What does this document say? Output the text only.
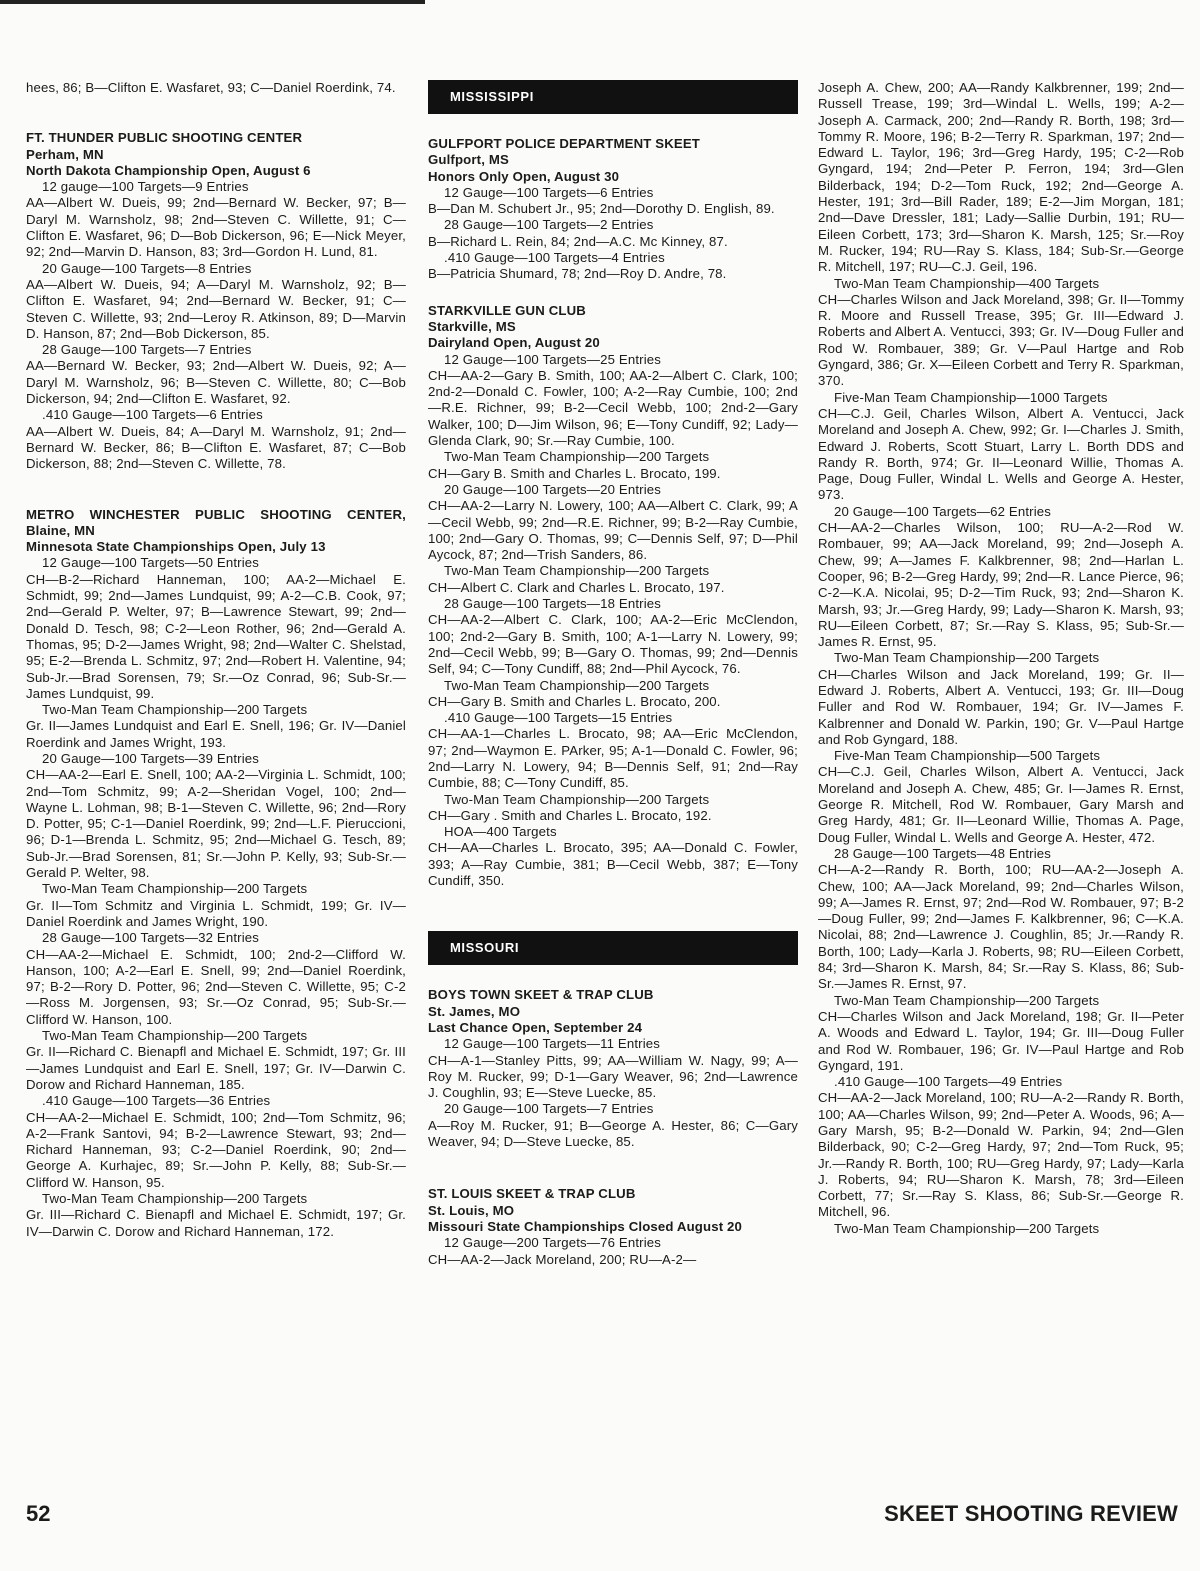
hees, 86; B—Clifton E. Wasfaret, 93; C—Daniel Roerdink, 74.

FT. THUNDER PUBLIC SHOOTING CENTER

Perham, MN

North Dakota Championship Open, August 6

12 gauge—100 Targets—9 Entries

AA—Albert W. Dueis, 99; 2nd—Bernard W. Becker, 97; B—Daryl M. Warnsholz, 98; 2nd—Steven C. Willette, 91; C—Clifton E. Wasfaret, 96; D—Bob Dickerson, 96; E—Nick Meyer, 92; 2nd—Marvin D. Hanson, 83; 3rd—Gordon H. Lund, 81.

20 Gauge—100 Targets—8 Entries

AA—Albert W. Dueis, 94; A—Daryl M. Warnsholz, 92; B—Clifton E. Wasfaret, 94; 2nd—Bernard W. Becker, 91; C—Steven C. Willette, 93; 2nd—Leroy R. Atkinson, 89; D—Marvin D. Hanson, 87; 2nd—Bob Dickerson, 85.

28 Gauge—100 Targets—7 Entries

AA—Bernard W. Becker, 93; 2nd—Albert W. Dueis, 92; A—Daryl M. Warnsholz, 96; B—Steven C. Willette, 80; C—Bob Dickerson, 94; 2nd—Clifton E. Wasfaret, 92.

.410 Gauge—100 Targets—6 Entries

AA—Albert W. Dueis, 84; A—Daryl M. Warnsholz, 91; 2nd—Bernard W. Becker, 86; B—Clifton E. Wasfaret, 87; C—Bob Dickerson, 88; 2nd—Steven C. Willette, 78.

METRO WINCHESTER PUBLIC SHOOTING CENTER, Blaine, MN

Minnesota State Championships Open, July 13

12 Gauge—100 Targets—50 Entries

CH—B-2—Richard Hanneman, 100; AA-2—Michael E. Schmidt, 99; 2nd—James Lundquist, 99; A-2—C.B. Cook, 97; 2nd—Gerald P. Welter, 97; B—Lawrence Stewart, 99; 2nd—Donald D. Tesch, 98; C-2—Leon Rother, 96; 2nd—Gerald A. Thomas, 95; D-2—James Wright, 98; 2nd—Walter C. Shelstad, 95; E-2—Brenda L. Schmitz, 97; 2nd—Robert H. Valentine, 94; Sub-Jr.—Brad Sorensen, 79; Sr.—Oz Conrad, 96; Sub-Sr.—James Lundquist, 99.

Two-Man Team Championship—200 Targets

Gr. II—James Lundquist and Earl E. Snell, 196; Gr. IV—Daniel Roerdink and James Wright, 193.

20 Gauge—100 Targets—39 Entries

CH—AA-2—Earl E. Snell, 100; AA-2—Virginia L. Schmidt, 100; 2nd—Tom Schmitz, 99; A-2—Sheridan Vogel, 100; 2nd—Wayne L. Lohman, 98; B-1—Steven C. Willette, 96; 2nd—Rory D. Potter, 95; C-1—Daniel Roerdink, 99; 2nd—L.F. Pieruccioni, 96; D-1—Brenda L. Schmitz, 95; 2nd—Michael G. Tesch, 89; Sub-Jr.—Brad Sorensen, 81; Sr.—John P. Kelly, 93; Sub-Sr.—Gerald P. Welter, 98.

Two-Man Team Championship—200 Targets

Gr. II—Tom Schmitz and Virginia L. Schmidt, 199; Gr. IV—Daniel Roerdink and James Wright, 190.

28 Gauge—100 Targets—32 Entries

CH—AA-2—Michael E. Schmidt, 100; 2nd-2—Clifford W. Hanson, 100; A-2—Earl E. Snell, 99; 2nd—Daniel Roerdink, 97; B-2—Rory D. Potter, 96; 2nd—Steven C. Willette, 95; C-2—Ross M. Jorgensen, 93; Sr.—Oz Conrad, 95; Sub-Sr.—Clifford W. Hanson, 100.

Two-Man Team Championship—200 Targets

Gr. II—Richard C. Bienapfl and Michael E. Schmidt, 197; Gr. III—James Lundquist and Earl E. Snell, 197; Gr. IV—Darwin C. Dorow and Richard Hanneman, 185.

.410 Gauge—100 Targets—36 Entries

CH—AA-2—Michael E. Schmidt, 100; 2nd—Tom Schmitz, 96; A-2—Frank Santovi, 94; B-2—Lawrence Stewart, 93; 2nd—Richard Hanneman, 93; C-2—Daniel Roerdink, 90; 2nd—George A. Kurhajec, 89; Sr.—John P. Kelly, 88; Sub-Sr.—Clifford W. Hanson, 95.

Two-Man Team Championship—200 Targets

Gr. III—Richard C. Bienapfl and Michael E. Schmidt, 197; Gr. IV—Darwin C. Dorow and Richard Hanneman, 172.

MISSISSIPPI

GULFPORT POLICE DEPARTMENT SKEET

Gulfport, MS

Honors Only Open, August 30

12 Gauge—100 Targets—6 Entries

B—Dan M. Schubert Jr., 95; 2nd—Dorothy D. English, 89.

28 Gauge—100 Targets—2 Entries

B—Richard L. Rein, 84; 2nd—A.C. Mc Kinney, 87.

.410 Gauge—100 Targets—4 Entries

B—Patricia Shumard, 78; 2nd—Roy D. Andre, 78.

STARKVILLE GUN CLUB

Starkville, MS

Dairyland Open, August 20

12 Gauge—100 Targets—25 Entries

CH—AA-2—Gary B. Smith, 100; AA-2—Albert C. Clark, 100; 2nd-2—Donald C. Fowler, 100; A-2—Ray Cumbie, 100; 2nd—R.E. Richner, 99; B-2—Cecil Webb, 100; 2nd-2—Gary Walker, 100; D—Jim Wilson, 96; E—Tony Cundiff, 92; Lady—Glenda Clark, 90; Sr.—Ray Cumbie, 100.

Two-Man Team Championship—200 Targets

CH—Gary B. Smith and Charles L. Brocato, 199.

20 Gauge—100 Targets—20 Entries

CH—AA-2—Larry N. Lowery, 100; AA—Albert C. Clark, 99; A—Cecil Webb, 99; 2nd—R.E. Richner, 99; B-2—Ray Cumbie, 100; 2nd—Gary O. Thomas, 99; C—Dennis Self, 97; D—Phil Aycock, 87; 2nd—Trish Sanders, 86.

Two-Man Team Championship—200 Targets

CH—Albert C. Clark and Charles L. Brocato, 197.

28 Gauge—100 Targets—18 Entries

CH—AA-2—Albert C. Clark, 100; AA-2—Eric McClendon, 100; 2nd-2—Gary B. Smith, 100; A-1—Larry N. Lowery, 99; 2nd—Cecil Webb, 99; B—Gary O. Thomas, 99; 2nd—Dennis Self, 94; C—Tony Cundiff, 88; 2nd—Phil Aycock, 76.

Two-Man Team Championship—200 Targets

CH—Gary B. Smith and Charles L. Brocato, 200.

.410 Gauge—100 Targets—15 Entries

CH—AA-1—Charles L. Brocato, 98; AA—Eric McClendon, 97; 2nd—Waymon E. PArker, 95; A-1—Donald C. Fowler, 96; 2nd—Larry N. Lowery, 94; B—Dennis Self, 91; 2nd—Ray Cumbie, 88; C—Tony Cundiff, 85.

Two-Man Team Championship—200 Targets

CH—Gary . Smith and Charles L. Brocato, 192.

HOA—400 Targets

CH—AA—Charles L. Brocato, 395; AA—Donald C. Fowler, 393; A—Ray Cumbie, 381; B—Cecil Webb, 387; E—Tony Cundiff, 350.

MISSOURI

BOYS TOWN SKEET & TRAP CLUB

St. James, MO

Last Chance Open, September 24

12 Gauge—100 Targets—11 Entries

CH—A-1—Stanley Pitts, 99; AA—William W. Nagy, 99; A—Roy M. Rucker, 99; D-1—Gary Weaver, 96; 2nd—Lawrence J. Coughlin, 93; E—Steve Luecke, 85.

20 Gauge—100 Targets—7 Entries

A—Roy M. Rucker, 91; B—George A. Hester, 86; C—Gary Weaver, 94; D—Steve Luecke, 85.

ST. LOUIS SKEET & TRAP CLUB

St. Louis, MO

Missouri State Championships Closed August 20

12 Gauge—200 Targets—76 Entries

CH—AA-2—Jack Moreland, 200; RU—A-2—

Joseph A. Chew, 200; AA—Randy Kalkbrenner, 199; 2nd—Russell Trease, 199; 3rd—Windal L. Wells, 199; A-2—Joseph A. Carmack, 200; 2nd—Randy R. Borth, 198; 3rd—Tommy R. Moore, 196; B-2—Terry R. Sparkman, 197; 2nd—Edward L. Taylor, 196; 3rd—Greg Hardy, 195; C-2—Rob Gyngard, 194; 2nd—Peter P. Ferron, 194; 3rd—Glen Bilderback, 194; D-2—Tom Ruck, 192; 2nd—George A. Hester, 191; 3rd—Bill Rader, 189; E-2—Jim Morgan, 181; 2nd—Dave Dressler, 181; Lady—Sallie Durbin, 191; RU—Eileen Corbett, 173; 3rd—Sharon K. Marsh, 125; Sr.—Roy M. Rucker, 194; RU—Ray S. Klass, 184; Sub-Sr.—George R. Mitchell, 197; RU—C.J. Geil, 196.

Two-Man Team Championship—400 Targets

CH—Charles Wilson and Jack Moreland, 398; Gr. II—Tommy R. Moore and Russell Trease, 395; Gr. III—Edward J. Roberts and Albert A. Ventucci, 393; Gr. IV—Doug Fuller and Rod W. Rombauer, 389; Gr. V—Paul Hartge and Rob Gyngard, 386; Gr. X—Eileen Corbett and Terry R. Sparkman, 370.

Five-Man Team Championship—1000 Targets

CH—C.J. Geil, Charles Wilson, Albert A. Ventucci, Jack Moreland and Joseph A. Chew, 992; Gr. I—Charles J. Smith, Edward J. Roberts, Scott Stuart, Larry L. Borth DDS and Randy R. Borth, 974; Gr. II—Leonard Willie, Thomas A. Page, Doug Fuller, Windal L. Wells and George A. Hester, 973.

20 Gauge—100 Targets—62 Entries

CH—AA-2—Charles Wilson, 100; RU—A-2—Rod W. Rombauer, 99; AA—Jack Moreland, 99; 2nd—Joseph A. Chew, 99; A—James F. Kalkbrenner, 98; 2nd—Harlan L. Cooper, 96; B-2—Greg Hardy, 99; 2nd—R. Lance Pierce, 96; C-2—K.A. Nicolai, 95; D-2—Tim Ruck, 93; 2nd—Sharon K. Marsh, 93; Jr.—Greg Hardy, 99; Lady—Sharon K. Marsh, 93; RU—Eileen Corbett, 87; Sr.—Ray S. Klass, 95; Sub-Sr.—James R. Ernst, 95.

Two-Man Team Championship—200 Targets

CH—Charles Wilson and Jack Moreland, 199; Gr. II—Edward J. Roberts, Albert A. Ventucci, 193; Gr. III—Doug Fuller and Rod W. Rombauer, 194; Gr. IV—James F. Kalbrenner and Donald W. Parkin, 190; Gr. V—Paul Hartge and Rob Gyngard, 188.

Five-Man Team Championship—500 Targets

CH—C.J. Geil, Charles Wilson, Albert A. Ventucci, Jack Moreland and Joseph A. Chew, 485; Gr. I—James R. Ernst, George R. Mitchell, Rod W. Rombauer, Gary Marsh and Greg Hardy, 481; Gr. II—Leonard Willie, Thomas A. Page, Doug Fuller, Windal L. Wells and George A. Hester, 472.

28 Gauge—100 Targets—48 Entries

CH—A-2—Randy R. Borth, 100; RU—AA-2—Joseph A. Chew, 100; AA—Jack Moreland, 99; 2nd—Charles Wilson, 99; A—James R. Ernst, 97; 2nd—Rod W. Rombauer, 97; B-2—Doug Fuller, 99; 2nd—James F. Kalkbrenner, 96; C—K.A. Nicolai, 88; 2nd—Lawrence J. Coughlin, 85; Jr.—Randy R. Borth, 100; Lady—Karla J. Roberts, 98; RU—Eileen Corbett, 84; 3rd—Sharon K. Marsh, 84; Sr.—Ray S. Klass, 86; Sub-Sr.—James R. Ernst, 97.

Two-Man Team Championship—200 Targets

CH—Charles Wilson and Jack Moreland, 198; Gr. II—Peter A. Woods and Edward L. Taylor, 194; Gr. III—Doug Fuller and Rod W. Rombauer, 196; Gr. IV—Paul Hartge and Rob Gyngard, 191.

.410 Gauge—100 Targets—49 Entries

CH—AA-2—Jack Moreland, 100; RU—A-2—Randy R. Borth, 100; AA—Charles Wilson, 99; 2nd—Peter A. Woods, 96; A—Gary Marsh, 95; B-2—Donald W. Parkin, 94; 2nd—Glen Bilderback, 90; C-2—Greg Hardy, 97; 2nd—Tom Ruck, 95; Jr.—Randy R. Borth, 100; RU—Greg Hardy, 97; Lady—Karla J. Roberts, 94; RU—Sharon K. Marsh, 78; 3rd—Eileen Corbett, 77; Sr.—Ray S. Klass, 86; Sub-Sr.—George R. Mitchell, 96.

Two-Man Team Championship—200 Targets

52	SKEET SHOOTING REVIEW
